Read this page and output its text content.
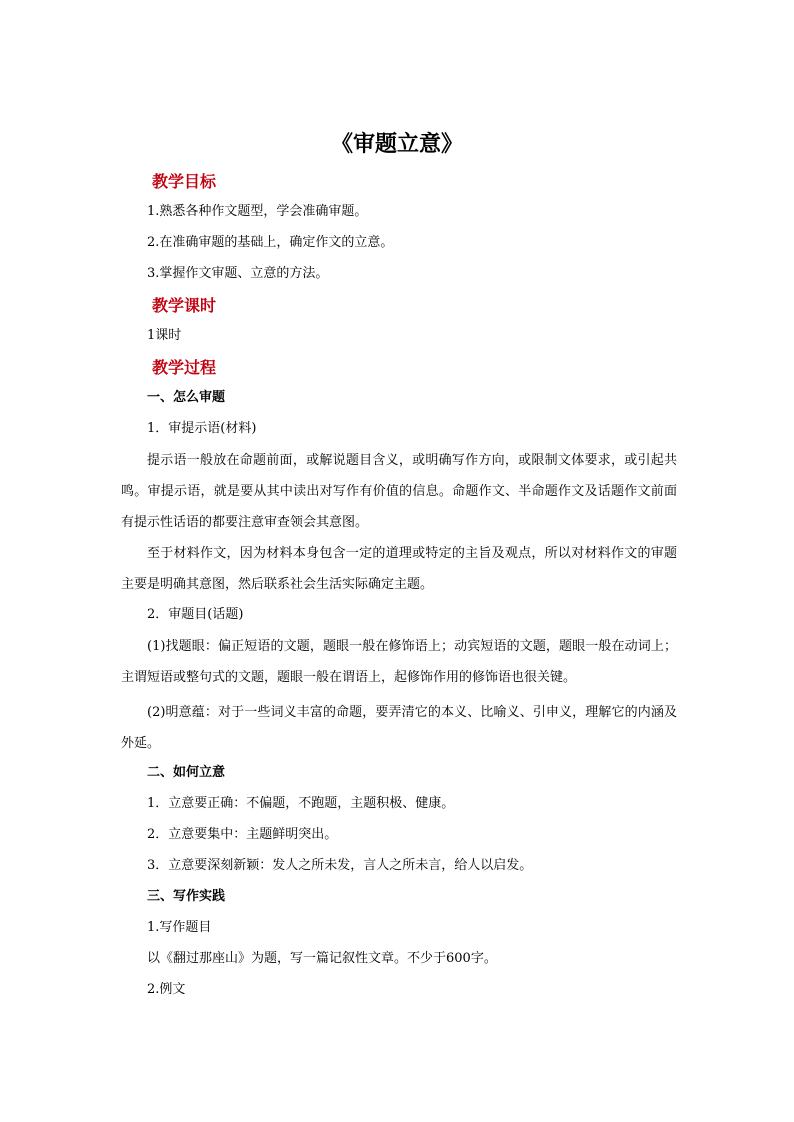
《审题立意》
教学目标
1.熟悉各种作文题型，学会准确审题。
2.在准确审题的基础上，确定作文的立意。
3.掌握作文审题、立意的方法。
教学课时
1课时
教学过程
一、怎么审题
1．审提示语(材料)
提示语一般放在命题前面，或解说题目含义，或明确写作方向，或限制文体要求，或引起共鸣。审提示语，就是要从其中读出对写作有价值的信息。命题作文、半命题作文及话题作文前面有提示性话语的都要注意审查领会其意图。
至于材料作文，因为材料本身包含一定的道理或特定的主旨及观点，所以对材料作文的审题主要是明确其意图，然后联系社会生活实际确定主题。
2．审题目(话题)
(1)找题眼：偏正短语的文题，题眼一般在修饰语上；动宾短语的文题，题眼一般在动词上；主谓短语或整句式的文题，题眼一般在谓语上，起修饰作用的修饰语也很关键。
(2)明意蕴：对于一些词义丰富的命题，要弄清它的本义、比喻义、引申义，理解它的内涵及外延。
二、如何立意
1．立意要正确：不偏题，不跑题，主题积极、健康。
2．立意要集中：主题鲜明突出。
3．立意要深刻新颖：发人之所未发，言人之所未言，给人以启发。
三、写作实践
1.写作题目
以《翻过那座山》为题，写一篇记叙性文章。不少于600字。
2.例文
